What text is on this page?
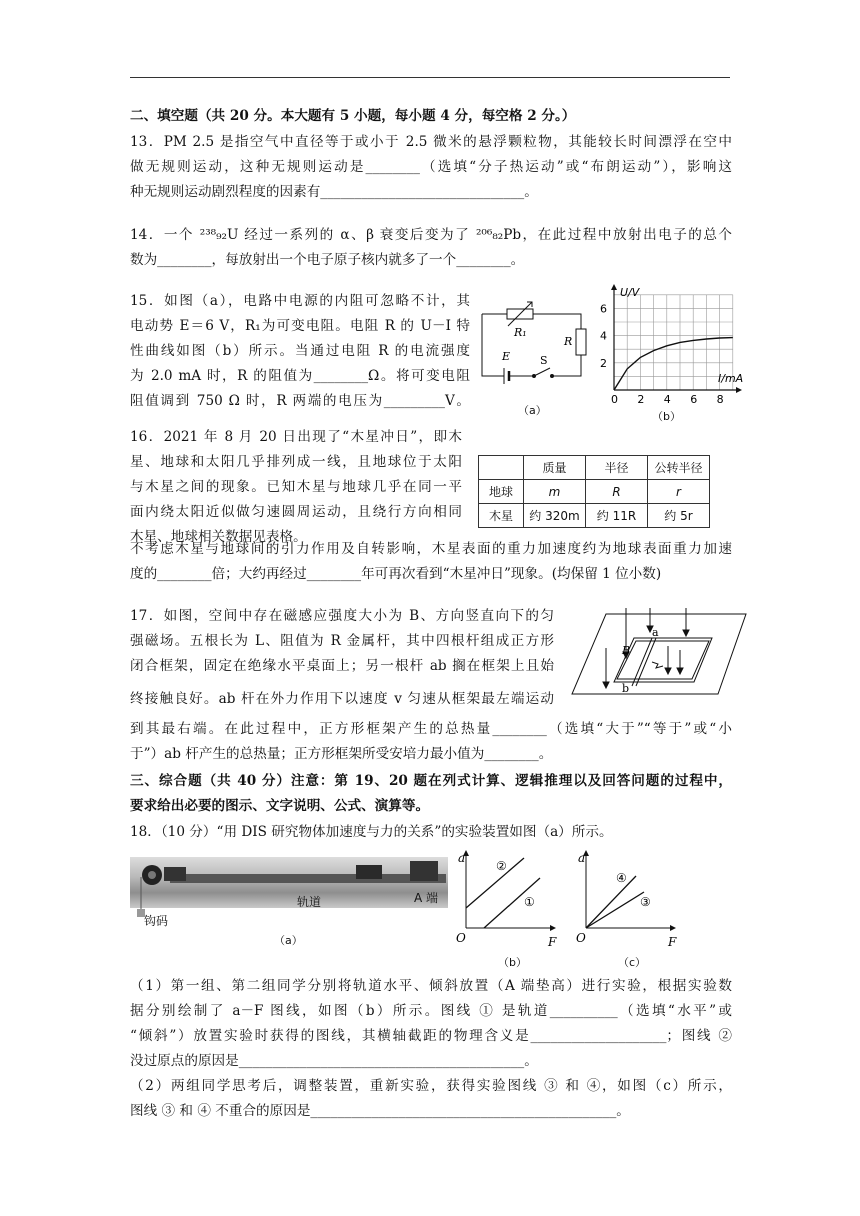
二、填空题（共 20 分。本大题有 5 小题，每小题 4 分，每空格 2 分。）
13．PM 2.5 是指空气中直径等于或小于 2.5 微米的悬浮颗粒物，其能较长时间漂浮在空中
做无规则运动，这种无规则运动是________（选填“分子热运动”或“布朗运动”），影响这
种无规则运动剧烈程度的因素有______________________________。
14．一个 ²³⁸₉₂U 经过一系列的 α、β 衰变后变为了 ²⁰⁶₈₂Pb，在此过程中放射出电子的总个
数为________，每放射出一个电子原子核内就多了一个________。
15．如图（a），电路中电源的内阻可忽略不计，其
电动势 E＝6 V，R₁为可变电阻。电阻 R 的 U－I 特
性曲线如图（b）所示。当通过电阻 R 的电流强度
为 2.0 mA 时，R 的阻值为________Ω。将可变电阻
阻值调到 750 Ω 时，R 两端的电压为_________V。
R₁
R
E	S
（a）
0 2 4 6 8
2
4
6
U/V
I/mA
（b）
16．2021 年 8 月 20 日出现了“木星冲日”，即木
星、地球和太阳几乎排列成一线，且地球位于太阳
与木星之间的现象。已知木星与地球几乎在同一平
面内绕太阳近似做匀速圆周运动，且绕行方向相同
木星、地球相关数据见表格。
	质量	半径	公转半径
地球	m	R	r
木星	约 320m	约 11R	约 5r
不考虑木星与地球间的引力作用及自转影响，木星表面的重力加速度约为地球表面重力加速
度的________倍；大约再经过________年可再次看到“木星冲日”现象。(均保留 1 位小数)
17．如图，空间中存在磁感应强度大小为 B、方向竖直向下的匀
强磁场。五根长为 L、阻值为 R 金属杆，其中四根杆组成正方形
闭合框架，固定在绝缘水平桌面上；另一根杆 ab 搁在框架上且始
终接触良好。ab 杆在外力作用下以速度 v 匀速从框架最左端运动
a
b
B
到其最右端。在此过程中，正方形框架产生的总热量________（选填“大于”“等于”或“小
于”）ab 杆产生的总热量；正方形框架所受安培力最小值为________。
三、综合题（共 40 分）注意：第 19、20 题在列式计算、逻辑推理以及回答问题的过程中，
要求给出必要的图示、文字说明、公式、演算等。
18．（10 分）“用 DIS 研究物体加速度与力的关系”的实验装置如图（a）所示。
轨道	A 端
钩码
（a）
a
F
O
②
①
（b）
a
F
O
④
③
（c）
（1）第一组、第二组同学分别将轨道水平、倾斜放置（A 端垫高）进行实验，根据实验数
据分别绘制了 a－F 图线，如图（b）所示。图线 ① 是轨道__________（选填“水平”或
“倾斜”）放置实验时获得的图线，其横轴截距的物理含义是____________________；图线 ②
没过原点的原因是__________________________________________。
（2）两组同学思考后，调整装置，重新实验，获得实验图线 ③ 和 ④，如图（c）所示，
图线 ③ 和 ④ 不重合的原因是_____________________________________________。
